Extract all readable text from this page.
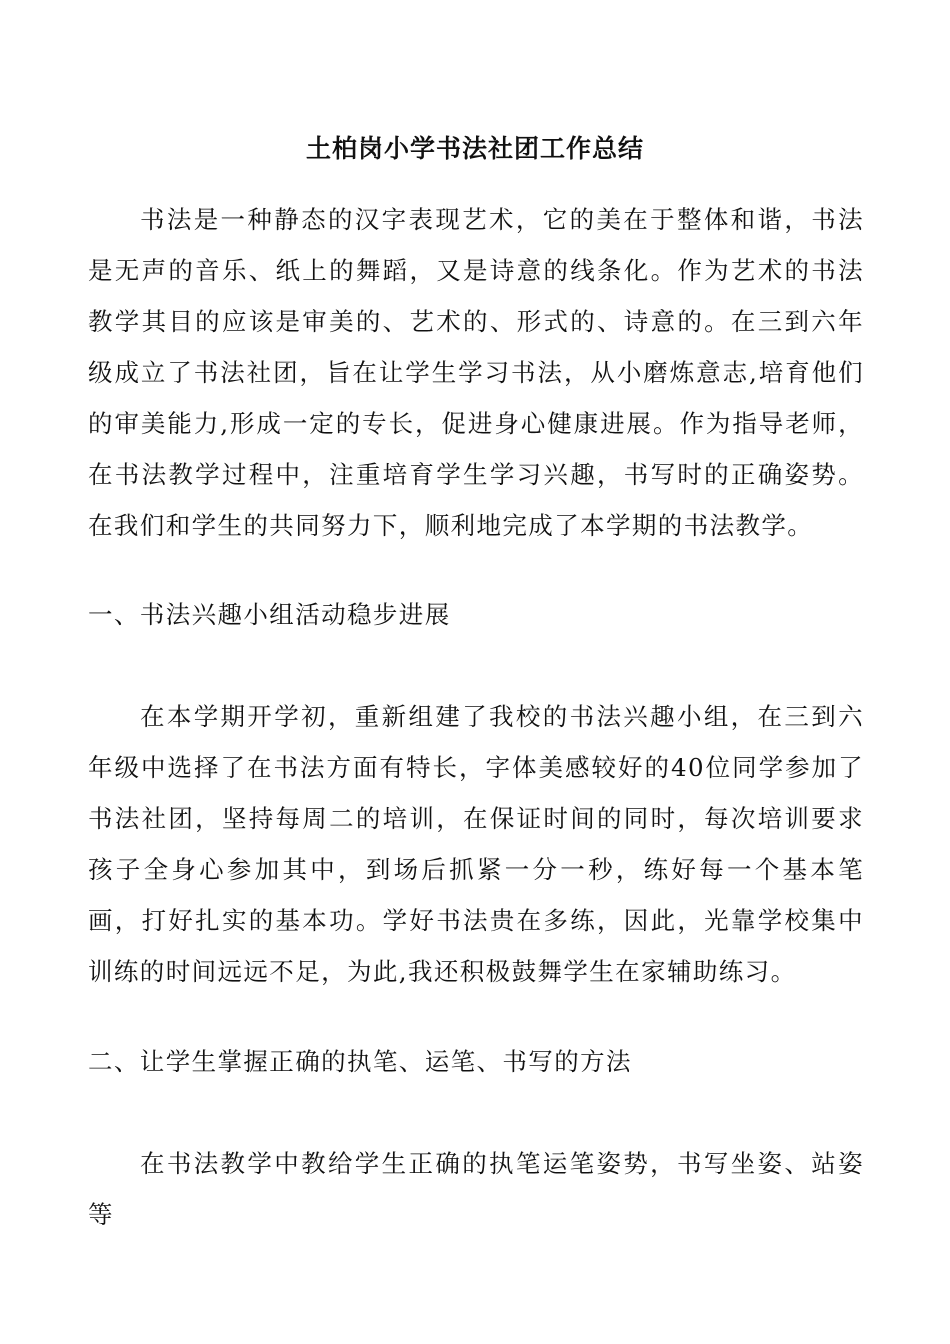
土柏岗小学书法社团工作总结

书法是一种静态的汉字表现艺术，它的美在于整体和谐，书法是无声的音乐、纸上的舞蹈，又是诗意的线条化。作为艺术的书法教学其目的应该是审美的、艺术的、形式的、诗意的。在三到六年级成立了书法社团，旨在让学生学习书法，从小磨炼意志,培育他们的审美能力,形成一定的专长，促进身心健康进展。作为指导老师，在书法教学过程中，注重培育学生学习兴趣，书写时的正确姿势。在我们和学生的共同努力下，顺利地完成了本学期的书法教学。

一、书法兴趣小组活动稳步进展

在本学期开学初，重新组建了我校的书法兴趣小组，在三到六年级中选择了在书法方面有特长，字体美感较好的40位同学参加了书法社团，坚持每周二的培训，在保证时间的同时，每次培训要求孩子全身心参加其中，到场后抓紧一分一秒，练好每一个基本笔画，打好扎实的基本功。学好书法贵在多练，因此，光靠学校集中训练的时间远远不足，为此,我还积极鼓舞学生在家辅助练习。

二、让学生掌握正确的执笔、运笔、书写的方法

在书法教学中教给学生正确的执笔运笔姿势，书写坐姿、站姿等
